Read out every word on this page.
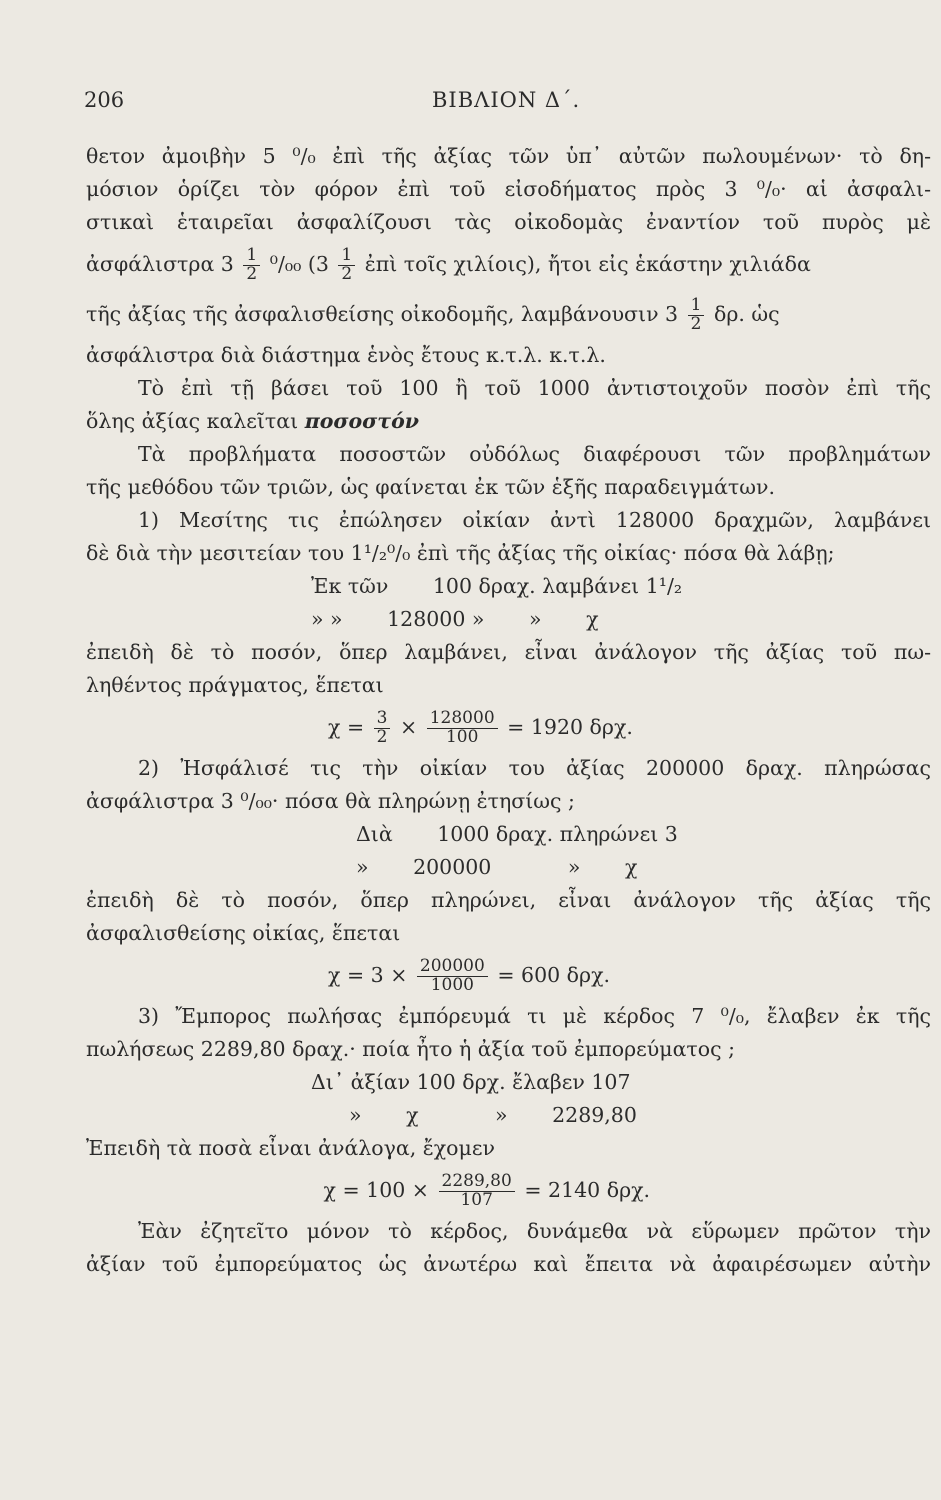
206	ΒΙΒΛΙΟΝ Δ΄.
θετον ἀμοιβὴν 5 ⁰/₀ ἐπὶ τῆς ἀξίας τῶν ὑπ᾽ αὐτῶν πωλουμένων· τὸ δη-
μόσιον ὁρίζει τὸν φόρον ἐπὶ τοῦ εἰσοδήματος πρὸς 3 ⁰/₀· αἱ ἀσφαλι-
στικαὶ ἑταιρεῖαι ἀσφαλίζουσι τὰς οἰκοδομὰς ἐναντίον τοῦ πυρὸς μὲ
ἀσφάλιστρα $3 \frac{1}{2} ^0/_{00}$ ($3 \frac{1}{2}$ ἐπὶ τοῖς χιλίοις), ἤτοι εἰς ἑκάστην χιλιάδα
τῆς ἀξίας τῆς ἀσφαλισθείσης οἰκοδομῆς, λαμβάνουσιν $3 \frac{1}{2} \delta\rho$. ὡς
ἀσφάλιστρα διὰ διάστημα ἑνὸς ἔτους κ.τ.λ. κ.τ.λ.
Τὸ ἐπὶ τῇ βάσει τοῦ 100 ἢ τοῦ 1000 ἀντιστοιχοῦν ποσὸν ἐπὶ τῆς
ὅλης ἀξίας καλεῖται ποσοστόν
Τὰ προβλήματα ποσοστῶν οὐδόλως διαφέρουσι τῶν προβλημάτων
τῆς μεθόδου τῶν τριῶν, ὡς φαίνεται ἐκ τῶν ἑξῆς παραδειγμάτων.
1) Μεσίτης τις ἐπώλησεν οἰκίαν ἀντὶ 128000 δραχμῶν, λαμβάνει
δὲ διὰ τὴν μεσιτείαν του 1¹/₂⁰/₀ ἐπὶ τῆς ἀξίας τῆς οἰκίας· πόσα θὰ λάβῃ;
Ἐκ τῶν 100 δραχ. λαμβάνει 1¹/₂
» » 128000 » » χ
ἐπειδὴ δὲ τὸ ποσόν, ὅπερ λαμβάνει, εἶναι ἀνάλογον τῆς ἀξίας τοῦ πω-
ληθέντος πράγματος, ἕπεται
$\chi = \frac{3}{2} \times \frac{128000}{100} = 1920$ δρχ.
2) Ἠσφάλισέ τις τὴν οἰκίαν του ἀξίας 200000 δραχ. πληρώσας
ἀσφάλιστρα 3 ⁰/₀₀· πόσα θὰ πληρώνῃ ἐτησίως ;
Διὰ 1000 δραχ. πληρώνει 3
» 200000	» χ
ἐπειδὴ δὲ τὸ ποσόν, ὅπερ πληρώνει, εἶναι ἀνάλογον τῆς ἀξίας τῆς
ἀσφαλισθείσης οἰκίας, ἕπεται
$\chi = 3 \times \frac{200000}{1000} = 600$ δρχ.
3) Ἔμπορος πωλήσας ἐμπόρευμά τι μὲ κέρδος 7 ⁰/₀, ἔλαβεν ἐκ τῆς
πωλήσεως 2289,80 δραχ.· ποία ἦτο ἡ ἀξία τοῦ ἐμπορεύματος ;
Δι᾽ ἀξίαν 100 δρχ. ἔλαβεν 107
» χ	» 2289,80
Ἐπειδὴ τὰ ποσὰ εἶναι ἀνάλογα, ἔχομεν
$\chi = 100 \times \frac{2289,80}{107} = 2140$ δρχ.
Ἐὰν ἐζητεῖτο μόνον τὸ κέρδος, δυνάμεθα νὰ εὕρωμεν πρῶτον τὴν
ἀξίαν τοῦ ἐμπορεύματος ὡς ἀνωτέρω καὶ ἔπειτα νὰ ἀφαιρέσωμεν αὐτὴν
